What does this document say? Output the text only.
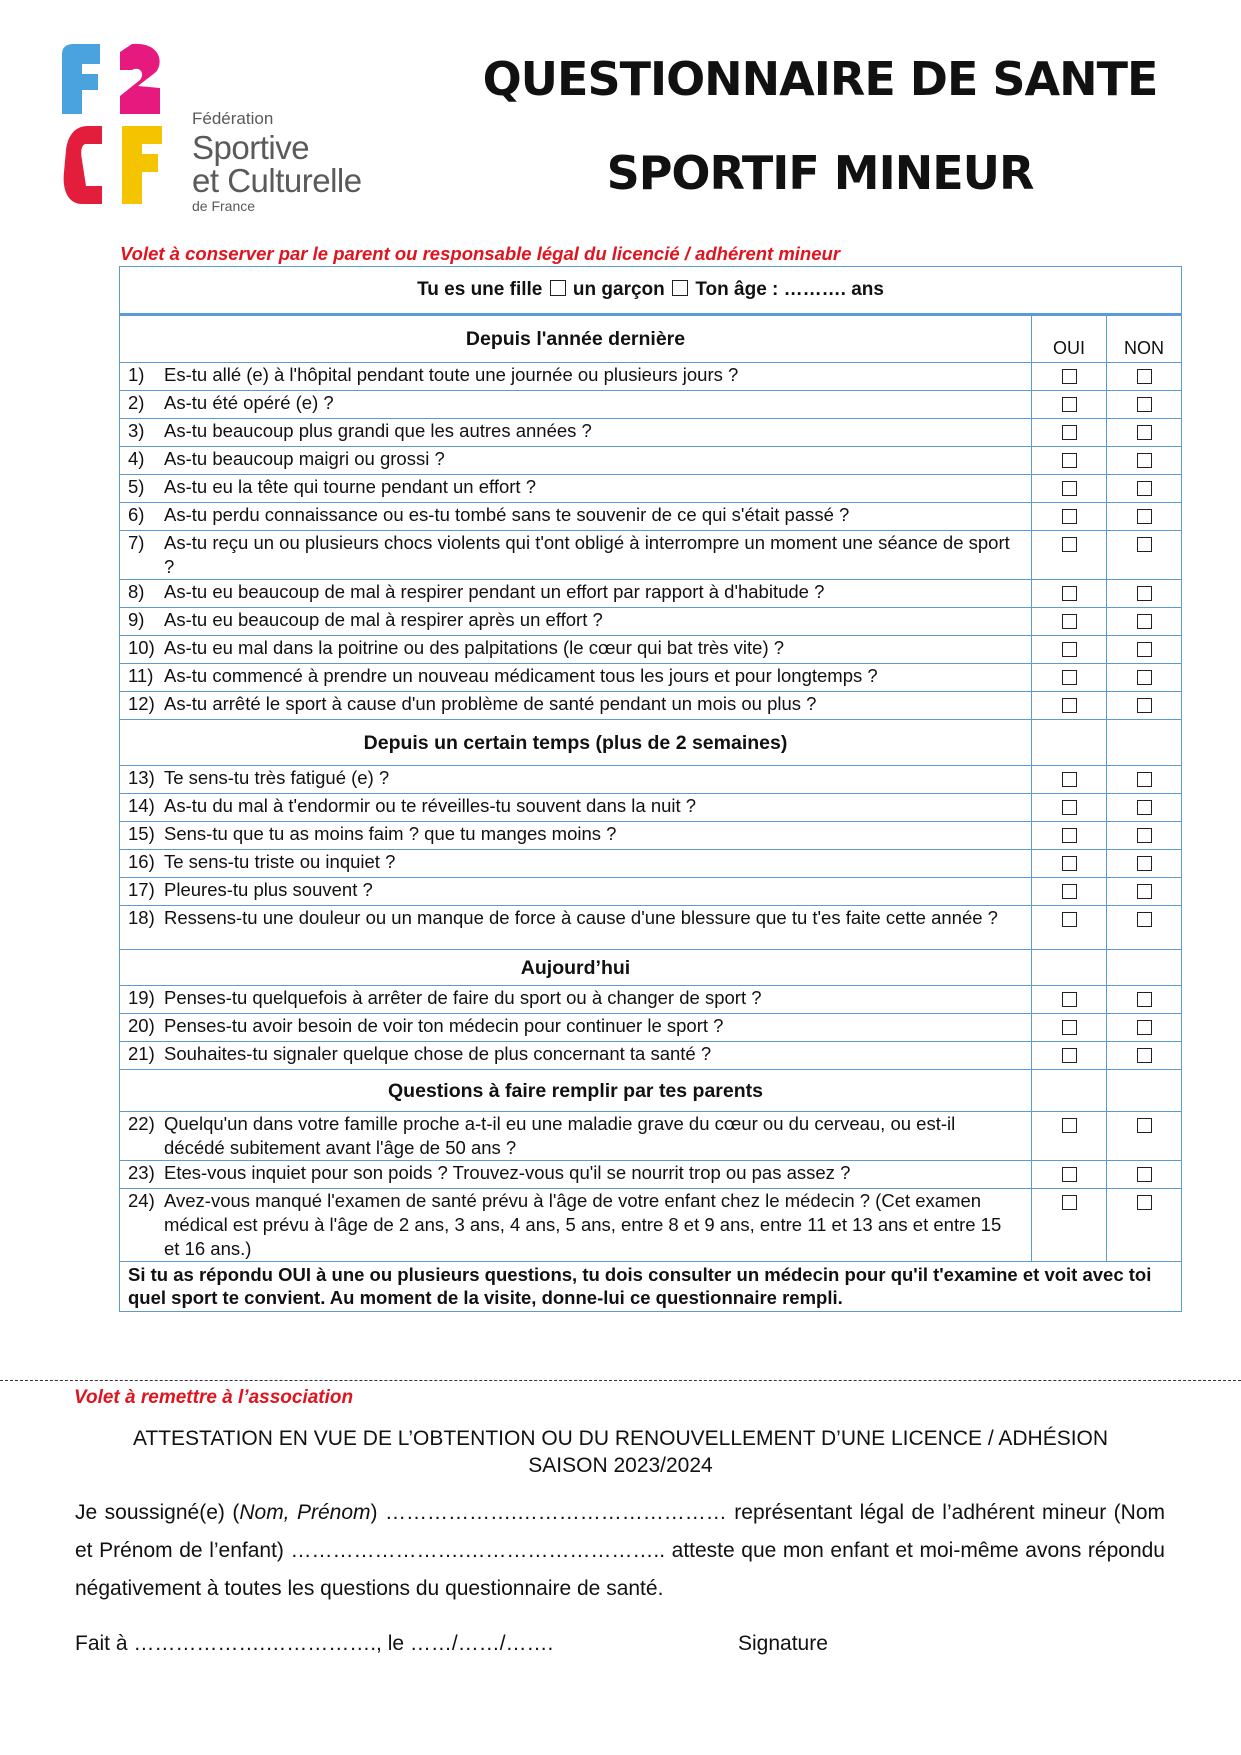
Fédération
Sportive
et Culturelle
de France
QUESTIONNAIRE DE SANTE
SPORTIF MINEUR
Volet à conserver par le parent ou responsable légal du licencié / adhérent mineur
Tu es une fille un garçon Ton âge : ………. ans		
Depuis l'année dernière	OUI	NON
1) Es-tu allé (e) à l'hôpital pendant toute une journée ou plusieurs jours ?		
2) As-tu été opéré (e) ?		
3) As-tu beaucoup plus grandi que les autres années ?		
4) As-tu beaucoup maigri ou grossi ?		
5) As-tu eu la tête qui tourne pendant un effort ?		
6) As-tu perdu connaissance ou es-tu tombé sans te souvenir de ce qui s'était passé ?		
7) As-tu reçu un ou plusieurs chocs violents qui t'ont obligé à interrompre un moment une séance de sport ?		
8) As-tu eu beaucoup de mal à respirer pendant un effort par rapport à d'habitude ?		
9) As-tu eu beaucoup de mal à respirer après un effort ?		
10) As-tu eu mal dans la poitrine ou des palpitations (le cœur qui bat très vite) ?		
11) As-tu commencé à prendre un nouveau médicament tous les jours et pour longtemps ?		
12) As-tu arrêté le sport à cause d'un problème de santé pendant un mois ou plus ?		
Depuis un certain temps (plus de 2 semaines)		
13) Te sens-tu très fatigué (e) ?		
14) As-tu du mal à t'endormir ou te réveilles-tu souvent dans la nuit ?		
15) Sens-tu que tu as moins faim ? que tu manges moins ?		
16) Te sens-tu triste ou inquiet ?		
17) Pleures-tu plus souvent ?		
18) Ressens-tu une douleur ou un manque de force à cause d'une blessure que tu t'es faite cette année ?		
Aujourd’hui		
19) Penses-tu quelquefois à arrêter de faire du sport ou à changer de sport ?		
20) Penses-tu avoir besoin de voir ton médecin pour continuer le sport ?		
21) Souhaites-tu signaler quelque chose de plus concernant ta santé ?		
Questions à faire remplir par tes parents		
22) Quelqu'un dans votre famille proche a-t-il eu une maladie grave du cœur ou du cerveau, ou est-il décédé subitement avant l'âge de 50 ans ?		
23) Etes-vous inquiet pour son poids ? Trouvez-vous qu'il se nourrit trop ou pas assez ?		
24) Avez-vous manqué l'examen de santé prévu à l'âge de votre enfant chez le médecin ? (Cet examen médical est prévu à l'âge de 2 ans, 3 ans, 4 ans, 5 ans, entre 8 et 9 ans, entre 11 et 13 ans et entre 15 et 16 ans.)		
Si tu as répondu OUI à une ou plusieurs questions, tu dois consulter un médecin pour qu'il t'examine et voit avec toi quel sport te convient. Au moment de la visite, donne-lui ce questionnaire rempli.		
Volet à remettre à l’association
ATTESTATION EN VUE DE L’OBTENTION OU DU RENOUVELLEMENT D’UNE LICENCE / ADHÉSION
SAISON 2023/2024
Je soussigné(e) (Nom, Prénom) ……………….………………………… représentant légal de l’adhérent mineur (Nom et Prénom de l’enfant) …………………….……………………….. atteste que mon enfant et moi-même avons répondu négativement à toutes les questions du questionnaire de santé.
Fait à ……………….……………., le ……/……/…….	Signature
